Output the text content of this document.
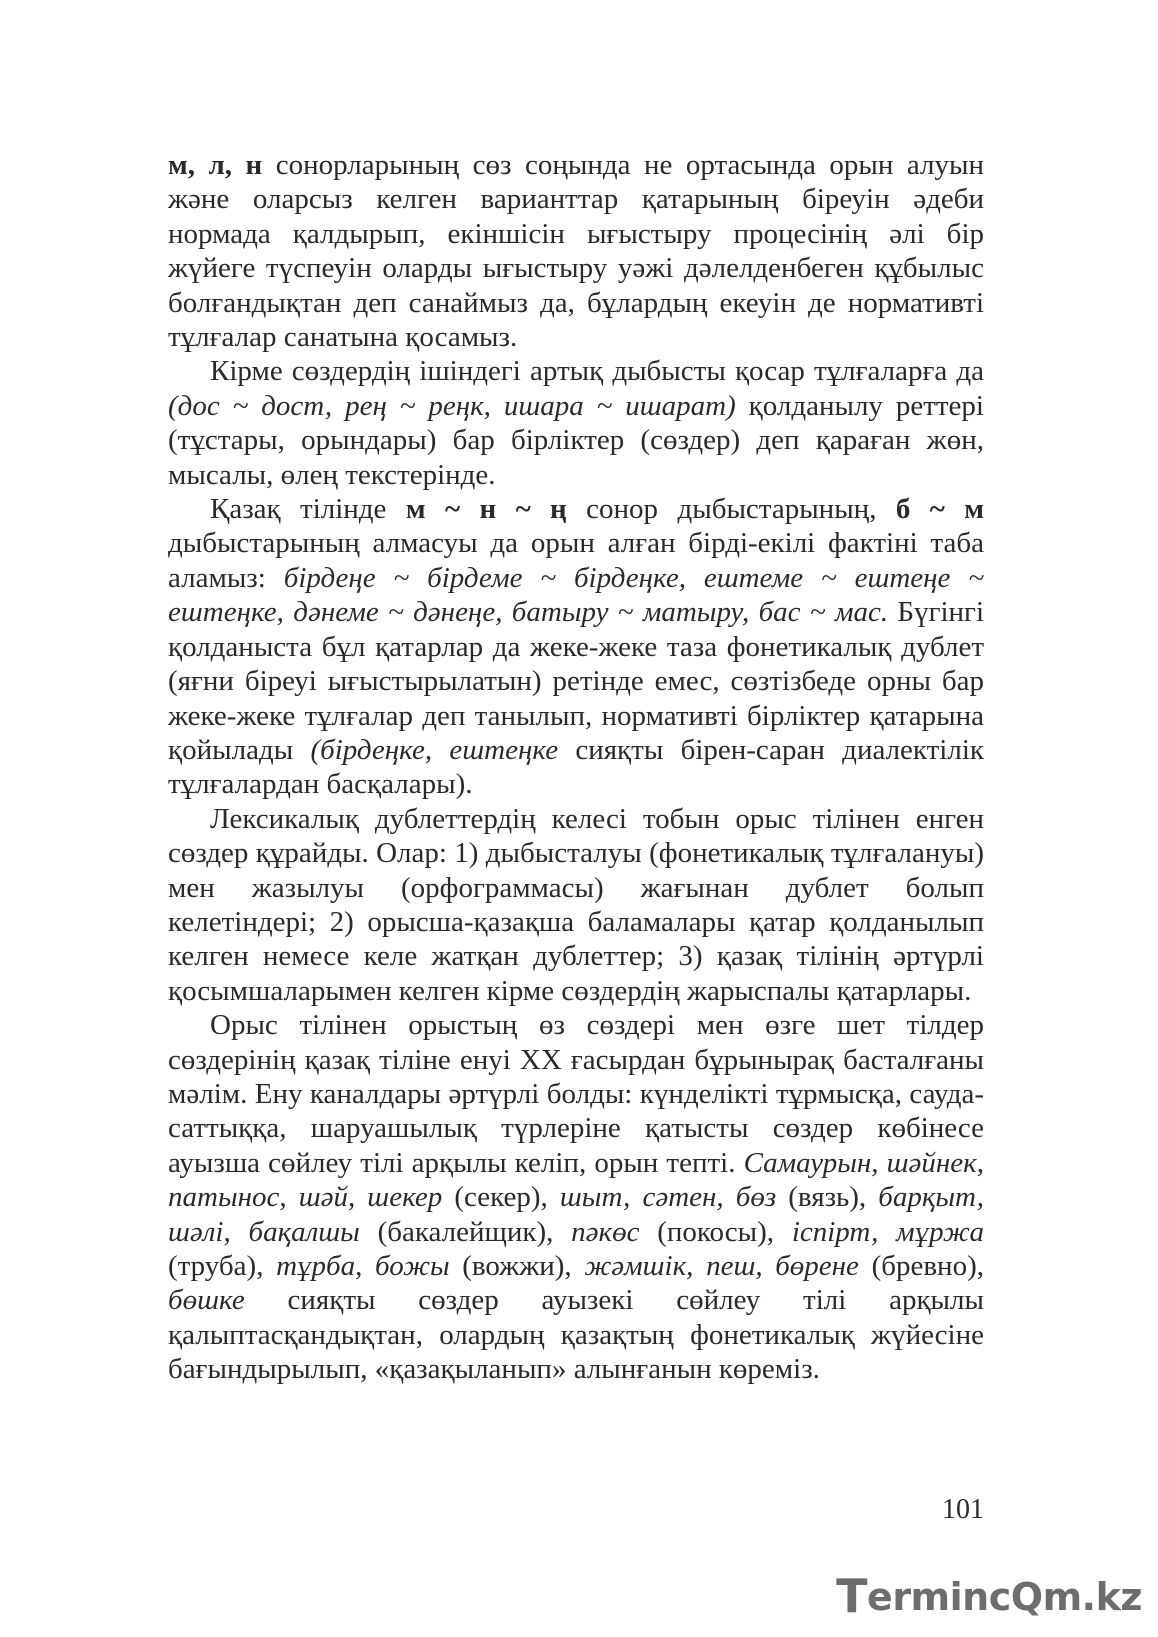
м, л, н сонорларының сөз соңында не ортасында орын алуын және оларсыз келген варианттар қатарының біреуін әдеби нормада қалдырып, екіншісін ығыстыру процесінің әлі бір жүйеге түспеуін оларды ығыстыру уәжі дәлелденбеген құбылыс болғандықтан деп санаймыз да, бұлардың екеуін де нормативті тұлғалар санатына қосамыз.

Кірме сөздердің ішіндегі артық дыбысты қосар тұлғаларға да (дос ~ дост, рең ~ реңк, ишара ~ ишарат) қолданылу реттері (тұстары, орындары) бар бірліктер (сөздер) деп қараған жөн, мысалы, өлең текстерінде.

Қазақ тілінде м ~ н ~ ң сонор дыбыстарының, б ~ м дыбыстарының алмасуы да орын алған бірді-екілі фактіні таба аламыз: бірдеңе ~ бірдеме ~ бірдеңке, ештеме ~ ештеңе ~ ештеңке, дәнеме ~ дәнеңе, батыру ~ матыру, бас ~ мас. Бүгінгі қолданыста бұл қатарлар да жеке-жеке таза фонетикалық дублет (яғни біреуі ығыстырылатын) ретінде емес, сөзтізбеде орны бар жеке-жеке тұлғалар деп танылып, нормативті бірліктер қатарына қойылады (бірдеңке, ештеңке сияқты бірен-саран диалектілік тұлғалардан басқалары).

Лексикалық дублеттердің келесі тобын орыс тілінен енген сөздер құрайды. Олар: 1) дыбысталуы (фонетикалық тұлғалануы) мен жазылуы (орфограммасы) жағынан дублет болып келетіндері; 2) орысша-қазақша баламалары қатар қолданылып келген немесе келе жатқан дублеттер; 3) қазақ тілінің әртүрлі қосымшаларымен келген кірме сөздердің жарыспалы қатарлары.

Орыс тілінен орыстың өз сөздері мен өзге шет тілдер сөздерінің қазақ тіліне енуі XX ғасырдан бұрынырақ басталғаны мәлім. Ену каналдары әртүрлі болды: күнделікті тұрмысқа, сауда-саттыққа, шаруашылық түрлеріне қатысты сөздер көбінесе ауызша сөйлеу тілі арқылы келіп, орын тепті. Самаурын, шәйнек, патынос, шәй, шекер (секер), шыт, сәтен, бөз (вязь), барқыт, шәлі, бақалшы (бакалейщик), пәкөс (покосы), іспірт, мұржа (труба), тұрба, божы (вожжи), жәмшік, пеш, бөрене (бревно), бөшке сияқты сөздер ауызекі сөйлеу тілі арқылы қалыптасқандықтан, олардың қазақтың фонетикалық жүйесіне бағындырылып, «қазақыланып» алынғанын көреміз.

101
T erminc Q m.kz
